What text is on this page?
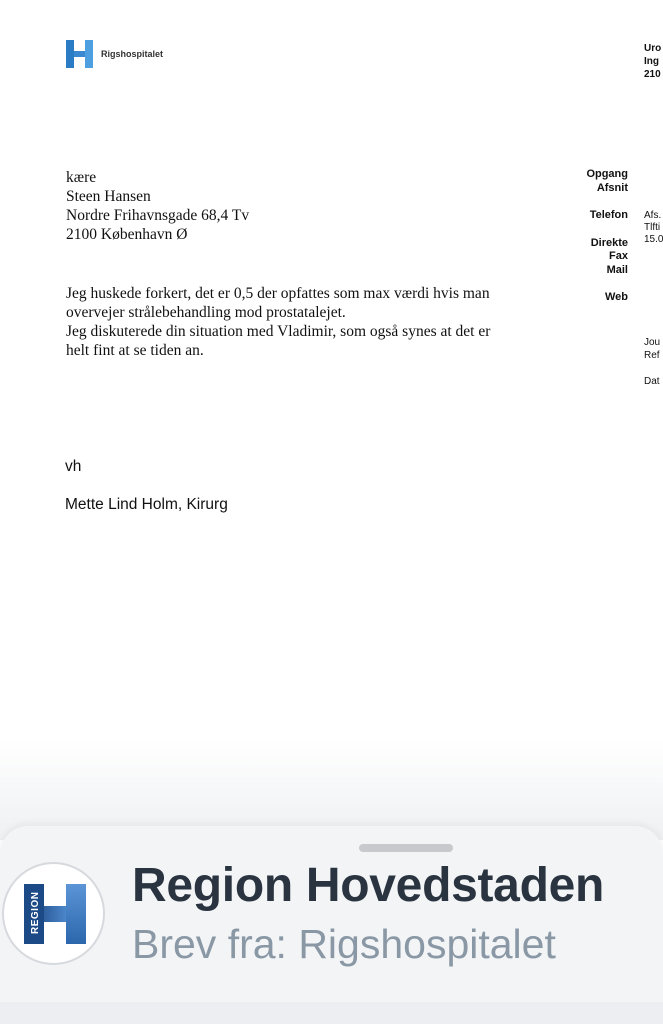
Rigshospitalet	Uro
Ing
210
Opgang
Afsnit
Telefon
Direkte
Fax
Mail
Web
Afs.
Tlfti
15.0
Jou
Ref
Dat
kære
Steen Hansen
Nordre Frihavnsgade 68,4 Tv
2100 København Ø
Jeg huskede forkert, det er 0,5 der opfattes som max værdi hvis man
overvejer strålebehandling mod prostatalejet.
Jeg diskuterede din situation med Vladimir, som også synes at det er
helt fint at se tiden an.
vh
Mette Lind Holm, Kirurg
REGION
Region Hovedstaden
Brev fra: Rigshospitalet
